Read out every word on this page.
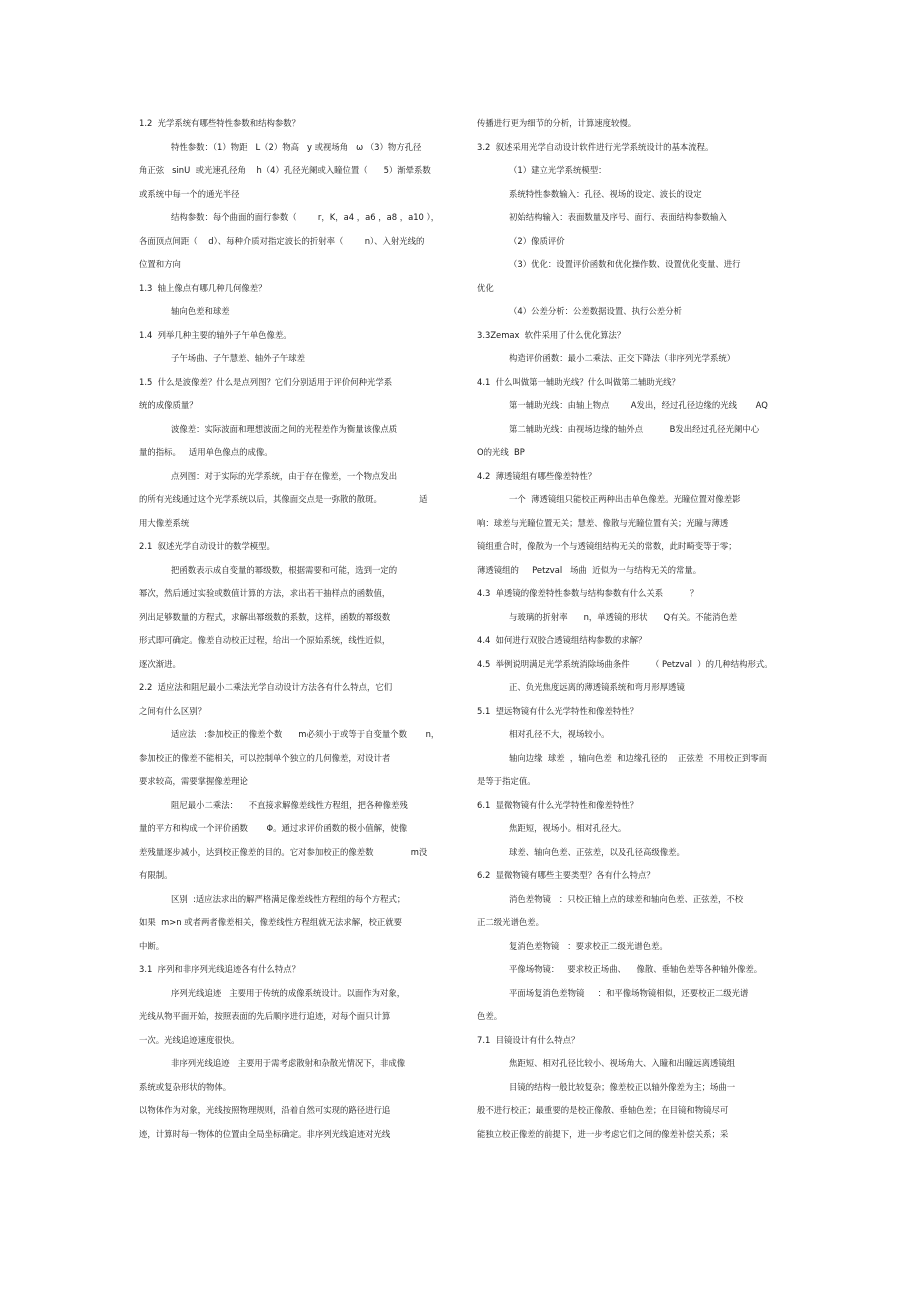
1.2  光学系统有哪些特性参数和结构参数？
特性参数：（1）物距   L（2）物高   y 或视场角   ω （3）物方孔径
角正弦   sinU  或光速孔径角    h（4）孔径光阑或入瞳位置（      5）渐晕系数
或系统中每一个的通光半径
结构参数：每个曲面的面行参数（        r，K，a4 ，a6 ，a8 ，a10 ），
各面顶点间距（    d）、每种介质对指定波长的折射率（        n）、入射光线的
位置和方向
1.3  轴上像点有哪几种几何像差？
轴向色差和球差
1.4  列举几种主要的轴外子午单色像差。
子午场曲、子午慧差、轴外子午球差
1.5  什么是波像差？什么是点列图？它们分别适用于评价何种光学系
统的成像质量？
波像差：实际波面和理想波面之间的光程差作为衡量该像点质
量的指标。   适用单色像点的成像。
点列图：对于实际的光学系统，由于存在像差，一个物点发出
的所有光线通过这个光学系统以后，其像面交点是一弥散的散斑。              适
用大像差系统
2.1  叙述光学自动设计的数学模型。
把函数表示成自变量的幂级数，根据需要和可能，选到一定的
幂次，然后通过实验或数值计算的方法，求出若干抽样点的函数值，
列出足够数量的方程式，求解出幂级数的系数，这样，函数的幂级数
形式即可确定。像差自动校正过程，给出一个原始系统，线性近似，
逐次渐进。
2.2  适应法和阻尼最小二乘法光学自动设计方法各有什么特点，它们
之间有什么区别？
适应法   :参加校正的像差个数      m必须小于或等于自变量个数       n，
参加校正的像差不能相关，可以控制单个独立的几何像差，对设计者
要求较高，需要掌握像差理论
阻尼最小二乘法：    不直接求解像差线性方程组，把各种像差残
量的平方和构成一个评价函数       Φ。通过求评价函数的极小值解，使像
差残量逐步减小，达到校正像差的目的。它对参加校正的像差数              m没
有限制。
区别  :适应法求出的解严格满足像差线性方程组的每个方程式；
如果  m>n 或者两者像差相关，像差线性方程组就无法求解，校正就要
中断。
3.1  序列和非序列光线追迹各有什么特点？
序列光线追迹   主要用于传统的成像系统设计。以面作为对象，
光线从物平面开始，按照表面的先后顺序进行追迹，对每个面只计算
一次。光线追迹速度很快。
非序列光线追迹   主要用于需考虑散射和杂散光情况下，非成像
系统或复杂形状的物体。
以物体作为对象，光线按照物理规则，沿着自然可实现的路径进行追
迹，计算时每一物体的位置由全局坐标确定。非序列光线追迹对光线
传播进行更为细节的分析，计算速度较慢。
3.2  叙述采用光学自动设计软件进行光学系统设计的基本流程。
（1）建立光学系统模型：
系统特性参数输入：孔径、视场的设定、波长的设定
初始结构输入：表面数量及序号、面行、表面结构参数输入
（2）像质评价
（3）优化：设置评价函数和优化操作数、设置优化变量、进行
优化
（4）公差分析：公差数据设置、执行公差分析
3.3Zemax  软件采用了什么优化算法？
构造评价函数：最小二乘法、正交下降法（非序列光学系统）
4.1  什么叫做第一辅助光线？什么叫做第二辅助光线？
第一辅助光线：由轴上物点        A发出，经过孔径边缘的光线       AQ
第二辅助光线：由视场边缘的轴外点          B发出经过孔径光阑中心
O的光线  BP
4.2  薄透镜组有哪些像差特性？
一个  薄透镜组只能校正两种出击单色像差。光瞳位置对像差影
响：球差与光瞳位置无关；慧差、像散与光瞳位置有关；光瞳与薄透
镜组重合时，像散为一个与透镜组结构无关的常数，此时畸变等于零；
薄透镜组的     Petzval   场曲  近似为一与结构无关的常量。
4.3  单透镜的像差特性参数与结构参数有什么关系          ？
与玻璃的折射率      n，单透镜的形状      Q有关。不能消色差
4.4  如何进行双胶合透镜组结构参数的求解？
4.5  举例说明满足光学系统消除场曲条件        （ Petzval  ）的几种结构形式。
正、负光焦度远离的薄透镜系统和弯月形厚透镜
5.1  望远物镜有什么光学特性和像差特性？
相对孔径不大，视场较小。
轴向边缘  球差  ，轴向色差  和边缘孔径的    正弦差  不用校正到零而
是等于指定值。
6.1  显微物镜有什么光学特性和像差特性？
焦距短，视场小。相对孔径大。
球差、轴向色差、正弦差，以及孔径高级像差。
6.2  显微物镜有哪些主要类型？各有什么特点？
消色差物镜   ：只校正轴上点的球差和轴向色差、正弦差，不校
正二级光谱色差。
复消色差物镜   ：要求校正二级光谱色差。
平像场物镜：   要求校正场曲、    像散、垂轴色差等各种轴外像差。
平面场复消色差物镜     ：和平像场物镜相似，还要校正二级光谱
色差。
7.1  目镜设计有什么特点？
焦距短、相对孔径比较小、视场角大、入瞳和出瞳远离透镜组
目镜的结构一般比较复杂；像差校正以轴外像差为主；场曲一
般不进行校正；最重要的是校正像散、垂轴色差；在目镜和物镜尽可
能独立校正像差的前提下，进一步考虑它们之间的像差补偿关系；采
